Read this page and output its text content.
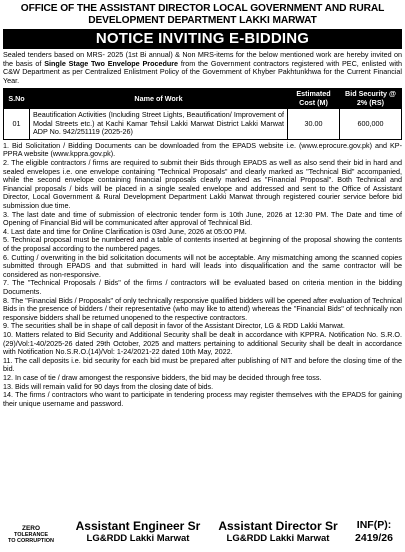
OFFICE OF THE ASSISTANT DIRECTOR LOCAL GOVERNMENT AND RURAL
DEVELOPMENT DEPARTMENT LAKKI MARWAT
NOTICE INVITING E-BIDDING

Sealed tenders based on MRS- 2025 (1st Bi annual) & Non MRS-items for the below mentioned work are hereby invited on the basis of Single Stage Two Envelope Procedure from the Government contractors registered with PEC, enlisted with C&W Department as per Centralized Enlistment Policy of the Government of Khyber Pakhtunkhwa for the Current Financial Year.

S.No	Name of Work	Estimated Cost (M)	Bid Security @ 2% (RS)
01	Beautification Activities (Including Street Lights, Beautification/ Improvement of Modal Streets etc.) at Kachi Kamar Tehsil Lakki Marwat District Lakki Marwat ADP No. 942/251119 (2025-26)	30.00	600,000
1. Bid Solicitation / Bidding Documents can be downloaded from the EPADS website i.e. (www.eprocure.gov.pk) and KP-PPRA website (www.kppra.gov.pk).
2. The eligible contractors / firms are required to submit their Bids through EPADS as well as also send their bid in hard and sealed envelopes i.e. one envelope containing "Technical Proposals" and clearly marked as "Technical Bid" accompanied, while the second envelope containing financial proposals clearly marked as "Financial Proposal". Both Technical and Financial proposals / bids will be placed in a single sealed envelope and addressed and sent to the Office of Assistant Director, Local Government & Rural Development Department Lakki Marwat through registered courier service before bid submission due time.
3. The last date and time of submission of electronic tender form is 10th June, 2026 at 12:30 PM. The Date and time of Opening of Financial Bid will be communicated after approval of Technical Bid.
4. Last date and time for Online Clarification is 03rd June, 2026 at 05:00 PM.
5. Technical proposal must be numbered and a table of contents inserted at beginning of the proposal showing the contents of the proposal according to the numbered pages.
6. Cutting / overwriting in the bid solicitation documents will not be acceptable. Any mismatching among the scanned copies submitted through EPADS and that submitted in hard will leads into disqualification and the same contractor will be considered as non-responsive.
7. The "Technical Proposals / Bids" of the firms / contractors will be evaluated based on criteria mention in the bidding Documents.
8. The "Financial Bids / Proposals" of only technically responsive qualified bidders will be opened after evaluation of Technical Bids in the presence of bidders / their representative (who may like to attend) whereas the "Financial Bids" of technically non responsive bidders shall be returned unopened to the respective contractors.
9. The securities shall be in shape of call deposit in favor of the Assistant Director, LG & RDD Lakki Marwat.
10. Matters related to Bid Security and Additional Security shall be dealt in accordance with KPPRA. Notification No. S.R.O. (29)/Vol:1-40/2025-26 dated 29th October, 2025 and matters pertaining to additional Security shall be dealt in accordance with Notification No.S.R.O.(14)/Vol: 1-24/2021-22 dated 10th May, 2022.
11. The call deposits i.e. bid security for each bid must be prepared after publishing of NIT and before the closing time of the bid.
12. In case of tie / draw amongest the responsive bidders, the bid may be decided through free toss.
13. Bids will remain valid for 90 days from the closing date of bids.
14. The firms / contractors who want to participate in tendering process may register themselves with the EPADS for gaining their unique username and password.
ZERO
TOLERANCE
TO CORRUPTION
Assistant Engineer Sr
LG&RDD Lakki Marwat
Assistant Director Sr
LG&RDD Lakki Marwat
INF(P):
2419/26
